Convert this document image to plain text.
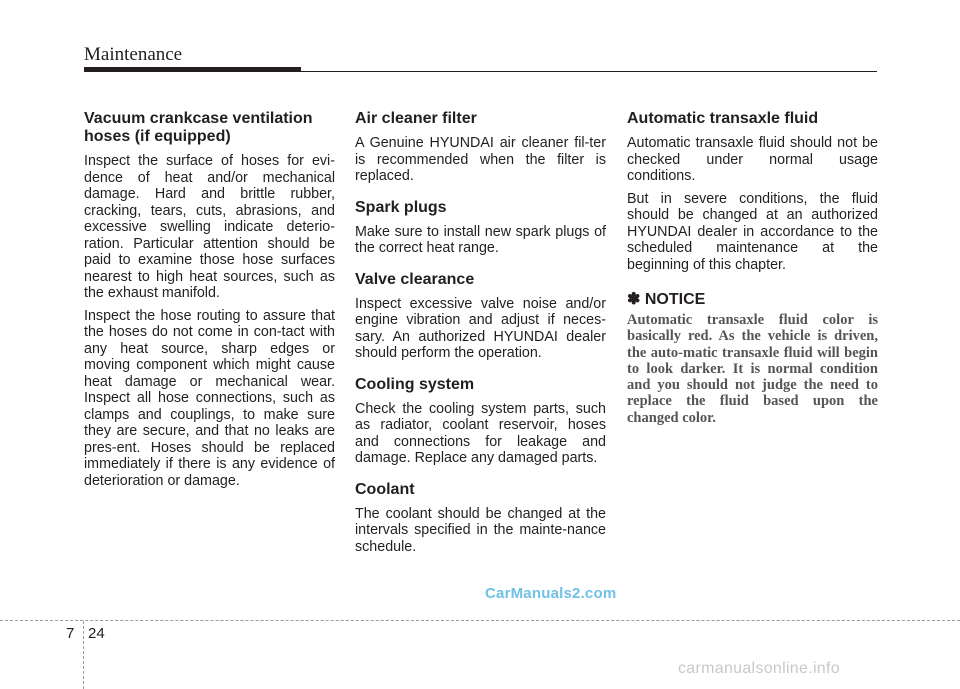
Maintenance
Vacuum crankcase ventilation hoses (if equipped)

Inspect the surface of hoses for evi-dence of heat and/or mechanical damage. Hard and brittle rubber, cracking, tears, cuts, abrasions, and excessive swelling indicate deterio-ration. Particular attention should be paid to examine those hose surfaces nearest to high heat sources, such as the exhaust manifold.

Inspect the hose routing to assure that the hoses do not come in con-tact with any heat source, sharp edges or moving component which might cause heat damage or mechanical wear. Inspect all hose connections, such as clamps and couplings, to make sure they are secure, and that no leaks are pres-ent. Hoses should be replaced immediately if there is any evidence of deterioration or damage.

Air cleaner filter

A Genuine HYUNDAI air cleaner fil-ter is recommended when the filter is replaced.

Spark plugs

Make sure to install new spark plugs of the correct heat range.

Valve clearance

Inspect excessive valve noise and/or engine vibration and adjust if neces-sary. An authorized HYUNDAI dealer should perform the operation.

Cooling system

Check the cooling system parts, such as radiator, coolant reservoir, hoses and connections for leakage and damage. Replace any damaged parts.

Coolant

The coolant should be changed at the intervals specified in the mainte-nance schedule.

Automatic transaxle fluid

Automatic transaxle fluid should not be checked under normal usage conditions.

But in severe conditions, the fluid should be changed at an authorized HYUNDAI dealer in accordance to the scheduled maintenance at the beginning of this chapter.

✽ NOTICE

Automatic transaxle fluid color is basically red. As the vehicle is driven, the auto-matic transaxle fluid will begin to look darker. It is normal condition and you should not judge the need to replace the fluid based upon the changed color.

CarManuals2.com
7 24
carmanualsonline.info
